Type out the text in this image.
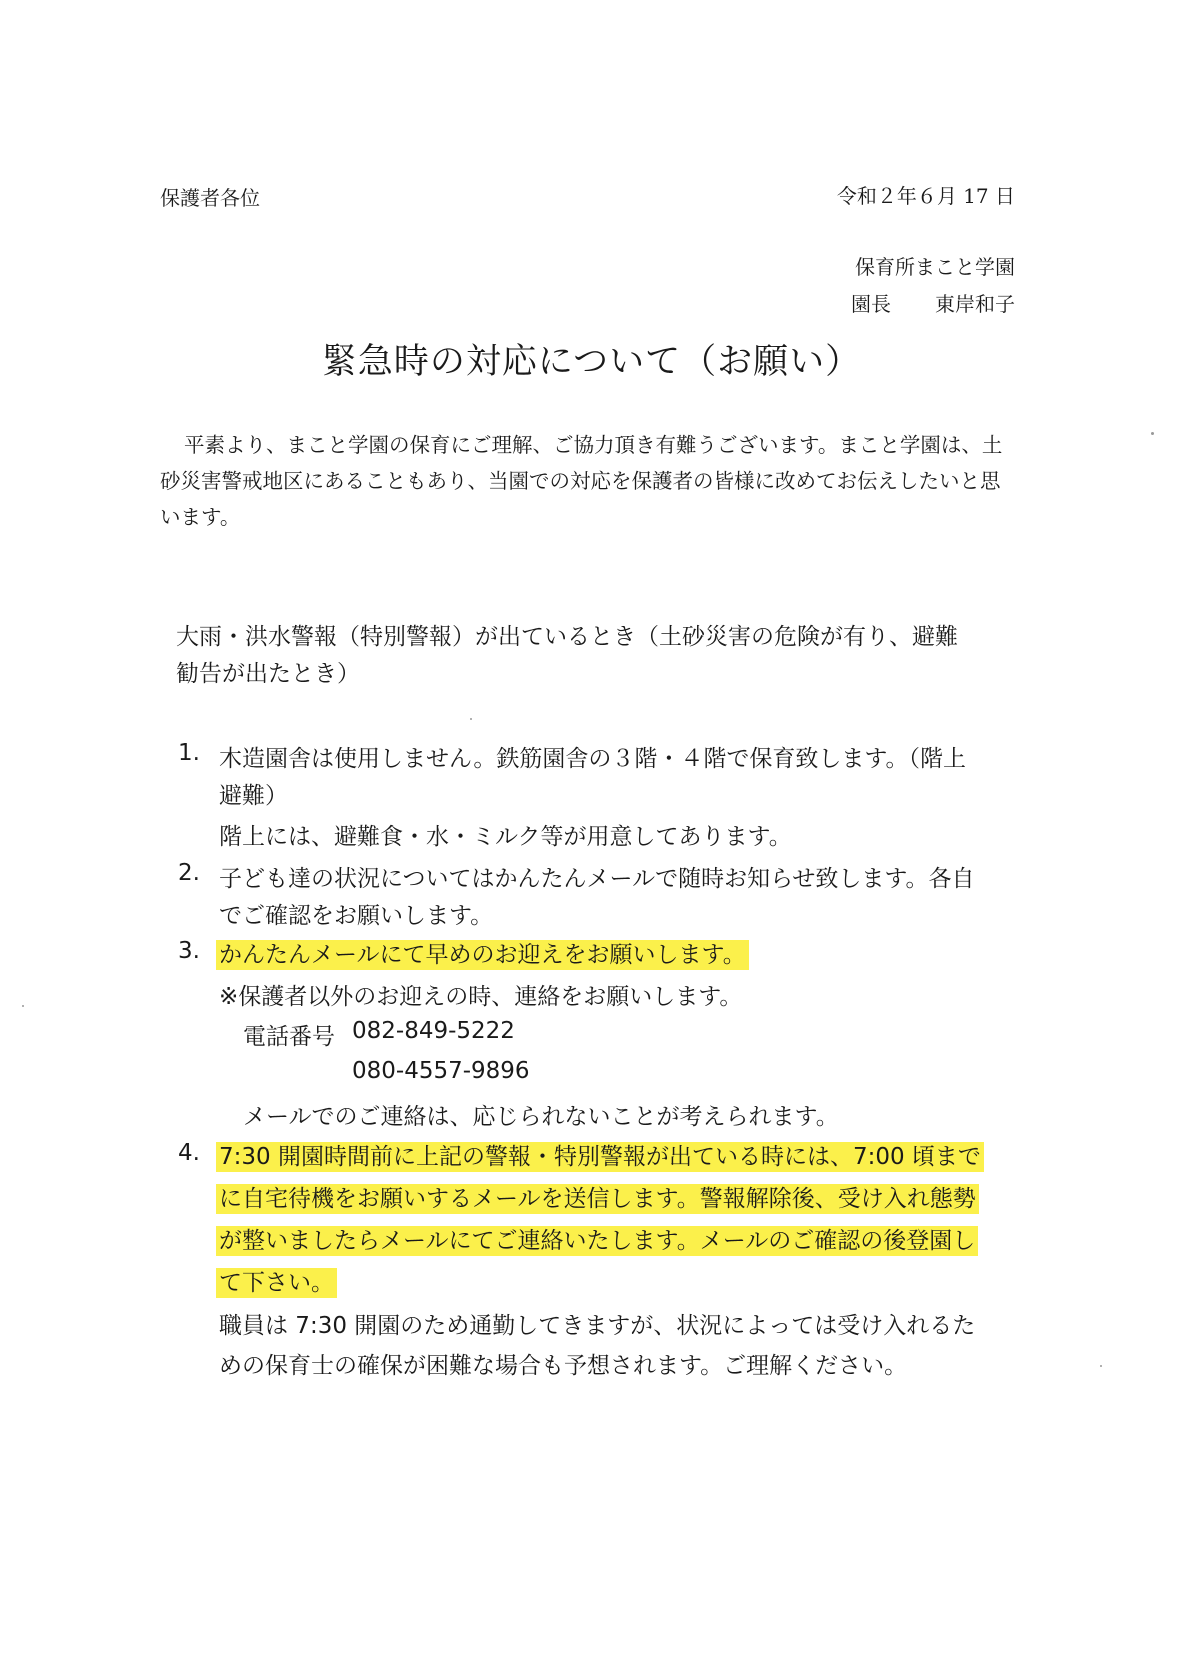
保護者各位	令和２年６月 17 日
保育所まこと学園
園長 東岸和子
緊急時の対応について（お願い）
平素より、まこと学園の保育にご理解、ご協力頂き有難うございます。まこと学園は、土砂災害警戒地区にあることもあり、当園での対応を保護者の皆様に改めてお伝えしたいと思います。
大雨・洪水警報（特別警報）が出ているとき（土砂災害の危険が有り、避難
勧告が出たとき）
1. 木造園舎は使用しません。鉄筋園舎の３階・４階で保育致します。（階上
避難）
階上には、避難食・水・ミルク等が用意してあります。
2. 子ども達の状況についてはかんたんメールで随時お知らせ致します。各自
でご確認をお願いします。
3. かんたんメールにて早めのお迎えをお願いします。
※保護者以外のお迎えの時、連絡をお願いします。
電話番号 082-849-5222
080-4557-9896
メールでのご連絡は、応じられないことが考えられます。
4. 7:30 開園時間前に上記の警報・特別警報が出ている時には、7:00 頃まで
に自宅待機をお願いするメールを送信します。警報解除後、受け入れ態勢
が整いましたらメールにてご連絡いたします。メールのご確認の後登園し
て下さい。
職員は 7:30 開園のため通勤してきますが、状況によっては受け入れるた
めの保育士の確保が困難な場合も予想されます。ご理解ください。
